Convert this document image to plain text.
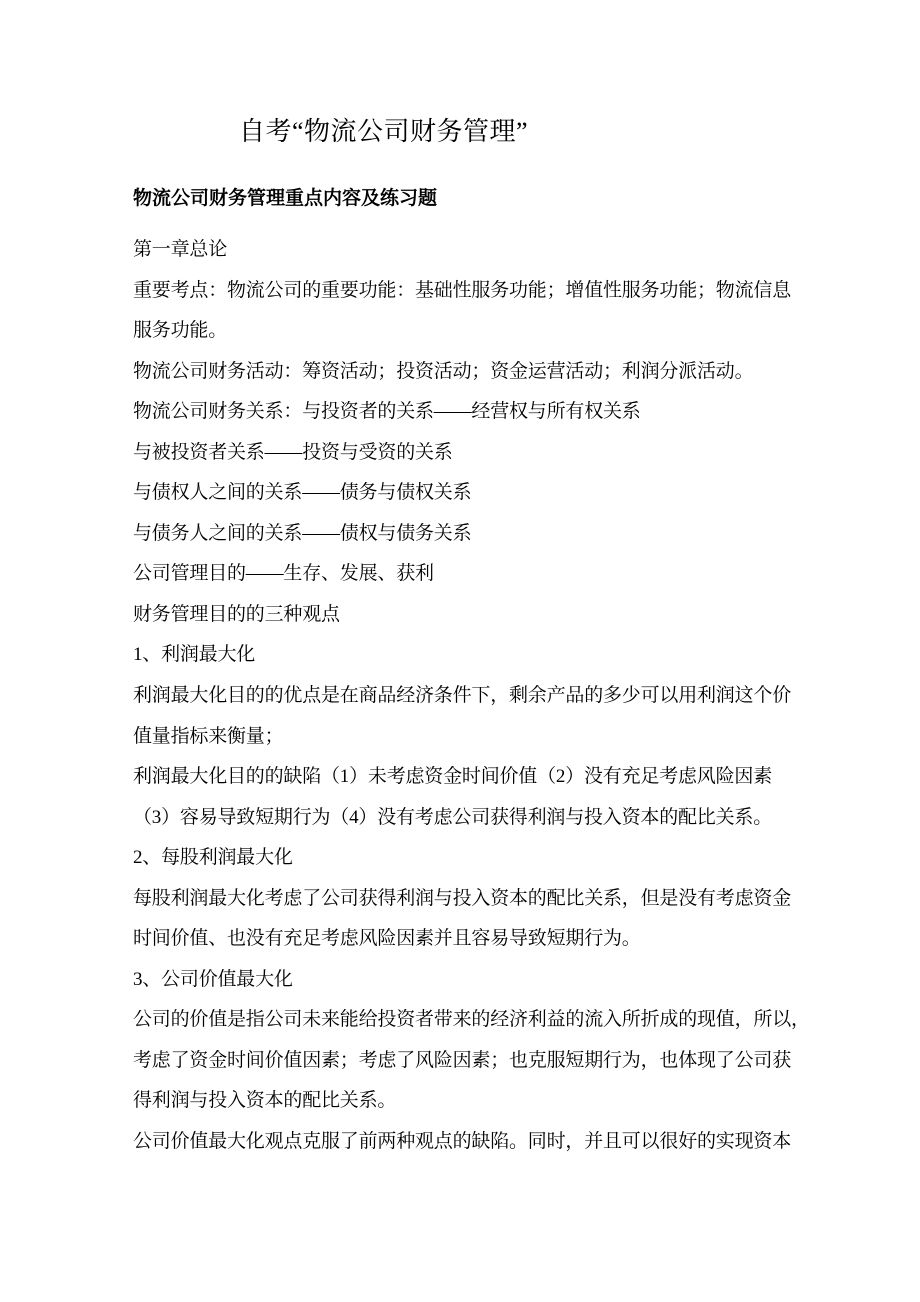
自考“物流公司财务管理”
物流公司财务管理重点内容及练习题
第一章总论
重要考点：物流公司的重要功能：基础性服务功能；增值性服务功能；物流信息
服务功能。
物流公司财务活动：筹资活动；投资活动；资金运营活动；利润分派活动。
物流公司财务关系：与投资者的关系——经营权与所有权关系
与被投资者关系——投资与受资的关系
与债权人之间的关系——债务与债权关系
与债务人之间的关系——债权与债务关系
公司管理目的——生存、发展、获利
财务管理目的的三种观点
1、利润最大化
利润最大化目的的优点是在商品经济条件下，剩余产品的多少可以用利润这个价
值量指标来衡量；
利润最大化目的的缺陷（1）未考虑资金时间价值（2）没有充足考虑风险因素
（3）容易导致短期行为（4）没有考虑公司获得利润与投入资本的配比关系。
2、每股利润最大化
每股利润最大化考虑了公司获得利润与投入资本的配比关系，但是没有考虑资金
时间价值、也没有充足考虑风险因素并且容易导致短期行为。
3、公司价值最大化
公司的价值是指公司未来能给投资者带来的经济利益的流入所折成的现值，所以，
考虑了资金时间价值因素；考虑了风险因素；也克服短期行为，也体现了公司获
得利润与投入资本的配比关系。
公司价值最大化观点克服了前两种观点的缺陷。同时，并且可以很好的实现资本
